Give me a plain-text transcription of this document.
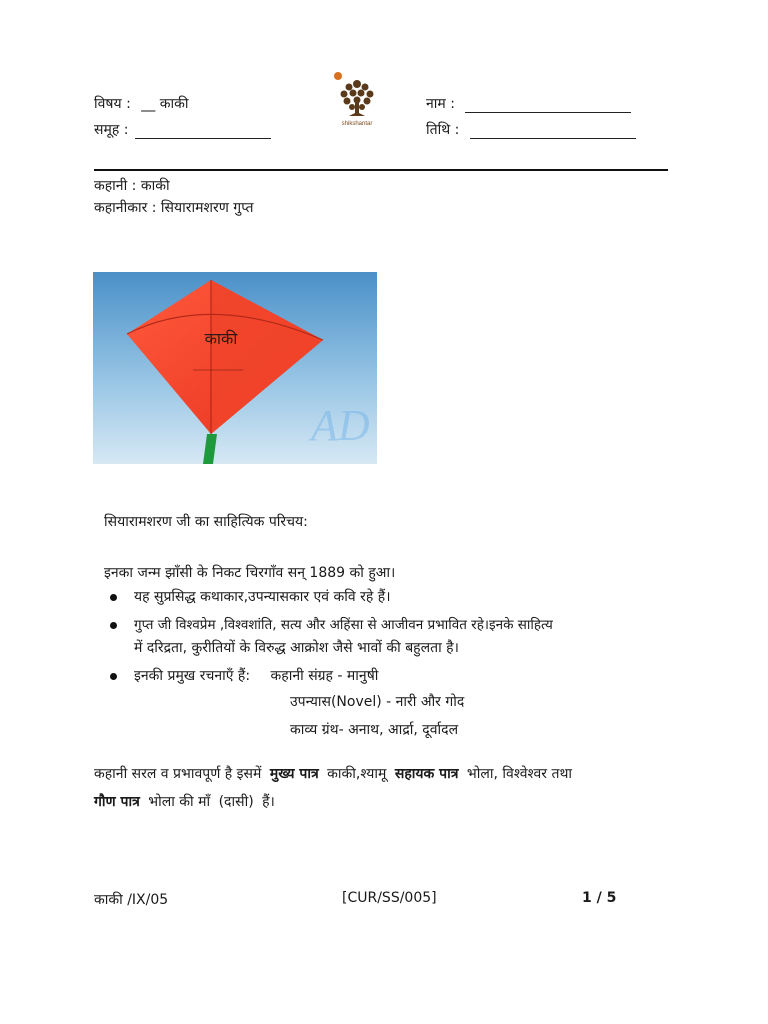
विषय : __ काकी
समूह :	shikshantar
नाम :
तिथि :
कहानी : काकी
कहानीकार : सियारामशरण गुप्त
काकी
AD
सियारामशरण जी का साहित्यिक परिचय:
इनका जन्म झाँसी के निकट चिरगाँव सन् 1889 को हुआ।
यह सुप्रसिद्ध कथाकार,उपन्यासकार एवं कवि रहे हैं।
गुप्त जी विश्वप्रेम ,विश्वशांति, सत्य और अहिंसा से आजीवन प्रभावित रहे।इनके साहित्य
में दरिद्रता, कुरीतियों के विरुद्ध आक्रोश जैसे भावों की बहुलता है।
इनकी प्रमुख रचनाएँ हैं: कहानी संग्रह - मानुषी
उपन्यास(Novel) - नारी और गोद
काव्य ग्रंथ- अनाथ, आर्द्रा, दूर्वादल
कहानी सरल व प्रभावपूर्ण है इसमें मुख्य पात्र काकी,श्यामू सहायक पात्र भोला, विश्वेश्वर तथा
गौण पात्र भोला की माँ (दासी) हैं।
काकी /IX/05	[CUR/SS/005]	1 / 5
